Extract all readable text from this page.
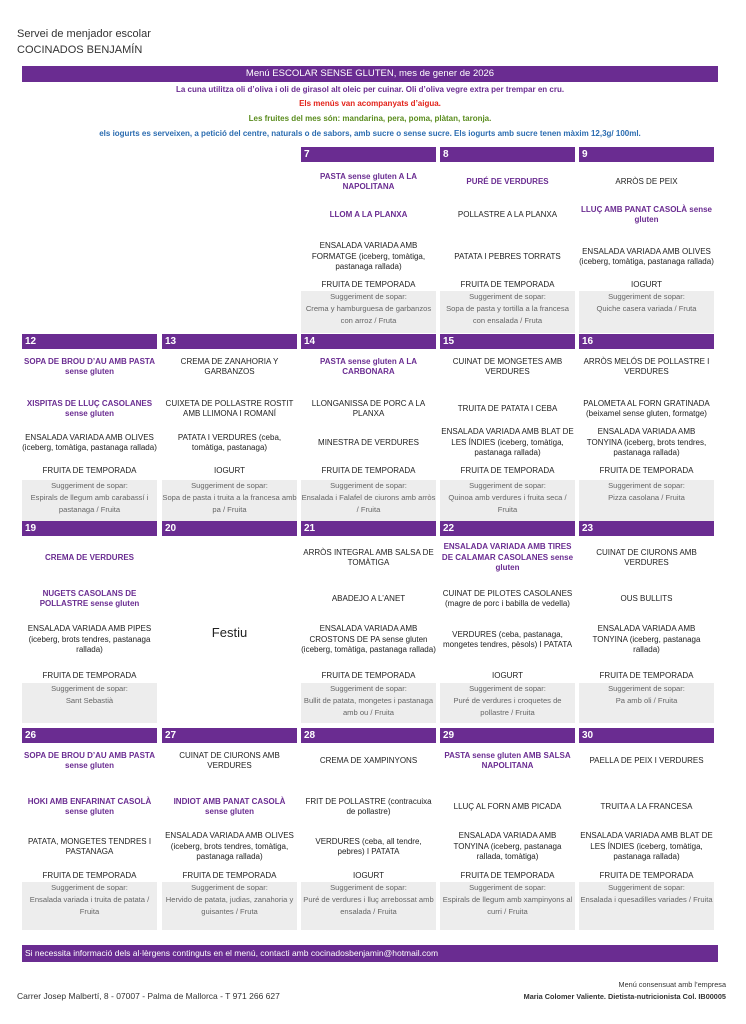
Servei de menjador escolar
COCINADOS BENJAMÍN
Menú ESCOLAR SENSE GLUTEN, mes de gener de 2026
La cuna utilitza oli d’oliva i oli de girasol alt oleic per cuinar. Oli d’oliva vegre extra per trempar en cru.
Els menús van acompanyats d’aigua.
Les fruites del mes són: mandarina, pera, poma, plàtan, taronja.
els iogurts es serveixen, a petició del centre, naturals o de sabors, amb sucre o sense sucre. Els iogurts amb sucre tenen màxim 12,3g/ 100ml.
7
PASTA sense gluten A LA NAPOLITANA
LLOM A LA PLANXA
ENSALADA VARIADA AMB FORMATGE (iceberg, tomàtiga, pastanaga rallada)
FRUITA DE TEMPORADA
Suggeriment de sopar:
Crema y hamburguesa de garbanzos con arroz / Fruta
8
PURÉ DE VERDURES
POLLASTRE A LA PLANXA
PATATA I PEBRES TORRATS
FRUITA DE TEMPORADA
Suggeriment de sopar:
Sopa de pasta y tortilla a la francesa con ensalada / Fruta
9
ARRÒS DE PEIX
LLUÇ AMB PANAT CASOLÀ sense gluten
ENSALADA VARIADA AMB OLIVES (iceberg, tomàtiga, pastanaga rallada)
IOGURT
Suggeriment de sopar:
Quiche casera variada / Fruta
12
SOPA DE BROU D’AU AMB PASTA sense gluten
XISPITAS DE LLUÇ CASOLANES sense gluten
ENSALADA VARIADA AMB OLIVES (iceberg, tomàtiga, pastanaga rallada)
FRUITA DE TEMPORADA
Suggeriment de sopar:
Espirals de llegum amb carabassí i pastanaga / Fruita
13
CREMA DE ZANAHORIA Y GARBANZOS
CUIXETA DE POLLASTRE ROSTIT AMB LLIMONA I ROMANÍ
PATATA I VERDURES (ceba, tomàtiga, pastanaga)
IOGURT
Suggeriment de sopar:
Sopa de pasta i truita a la francesa amb pa / Fruita
14
PASTA sense gluten A LA CARBONARA
LLONGANISSA DE PORC A LA PLANXA
MINESTRA DE VERDURES
FRUITA DE TEMPORADA
Suggeriment de sopar:
Ensalada i Falafel de ciurons amb arròs / Fruita
15
CUINAT DE MONGETES AMB VERDURES
TRUITA DE PATATA I CEBA
ENSALADA VARIADA AMB BLAT DE LES ÍNDIES (iceberg, tomàtiga, pastanaga rallada)
FRUITA DE TEMPORADA
Suggeriment de sopar:
Quinoa amb verdures i fruita seca / Fruita
16
ARRÒS MELÓS DE POLLASTRE I VERDURES
PALOMETA AL FORN GRATINADA (beixamel sense gluten, formatge)
ENSALADA VARIADA AMB TONYINA (iceberg, brots tendres, pastanaga rallada)
FRUITA DE TEMPORADA
Suggeriment de sopar:
Pizza casolana / Fruita
19
CREMA DE VERDURES
NUGETS CASOLANS DE POLLASTRE sense gluten
ENSALADA VARIADA AMB PIPES (iceberg, brots tendres, pastanaga rallada)
FRUITA DE TEMPORADA
Suggeriment de sopar:
Sant Sebastià
20
Festiu
21
ARRÒS INTEGRAL AMB SALSA DE TOMÀTIGA
ABADEJO A L’ANET
ENSALADA VARIADA AMB CROSTONS DE PA sense gluten (iceberg, tomàtiga, pastanaga rallada)
FRUITA DE TEMPORADA
Suggeriment de sopar:
Bullit de patata, mongetes i pastanaga amb ou / Fruita
22
ENSALADA VARIADA AMB TIRES DE CALAMAR CASOLANES sense gluten
CUINAT DE PILOTES CASOLANES (magre de porc i babilla de vedella)
VERDURES (ceba, pastanaga, mongetes tendres, pèsols) I PATATA
IOGURT
Suggeriment de sopar:
Puré de verdures i croquetes de pollastre / Fruita
23
CUINAT DE CIURONS AMB VERDURES
OUS BULLITS
ENSALADA VARIADA AMB TONYINA (iceberg, pastanaga rallada)
FRUITA DE TEMPORADA
Suggeriment de sopar:
Pa amb oli / Fruita
26
SOPA DE BROU D’AU AMB PASTA sense gluten
HOKI AMB ENFARINAT CASOLÀ sense gluten
PATATA, MONGETES TENDRES I PASTANAGA
FRUITA DE TEMPORADA
Suggeriment de sopar:
Ensalada variada i truita de patata / Fruita
27
CUINAT DE CIURONS AMB VERDURES
INDIOT AMB PANAT CASOLÀ sense gluten
ENSALADA VARIADA AMB OLIVES (iceberg, brots tendres, tomàtiga, pastanaga rallada)
FRUITA DE TEMPORADA
Suggeriment de sopar:
Hervido de patata, judias, zanahoria y guisantes / Fruta
28
CREMA DE XAMPINYONS
FRIT DE POLLASTRE (contracuixa de pollastre)
VERDURES (ceba, all tendre, pebres) I PATATA
IOGURT
Suggeriment de sopar:
Puré de verdures i lluç arrebossat amb ensalada / Fruita
29
PASTA sense gluten AMB SALSA NAPOLITANA
LLUÇ AL FORN AMB PICADA
ENSALADA VARIADA AMB TONYINA (iceberg, pastanaga rallada, tomàtiga)
FRUITA DE TEMPORADA
Suggeriment de sopar:
Espirals de llegum amb xampinyons al curri / Fruita
30
PAELLA DE PEIX I VERDURES
TRUITA A LA FRANCESA
ENSALADA VARIADA AMB BLAT DE LES ÍNDIES (iceberg, tomàtiga, pastanaga rallada)
FRUITA DE TEMPORADA
Suggeriment de sopar:
Ensalada i quesadilles variades / Fruita
Si necessita informació dels al·lèrgens continguts en el menú, contacti amb cocinadosbenjamin@hotmail.com
Carrer Josep Malbertí, 8 - 07007 - Palma de Mallorca - T 971 266 627
Menú consensuat amb l’empresa
Maria Colomer Valiente. Dietista-nutricionista Col. IB00005
